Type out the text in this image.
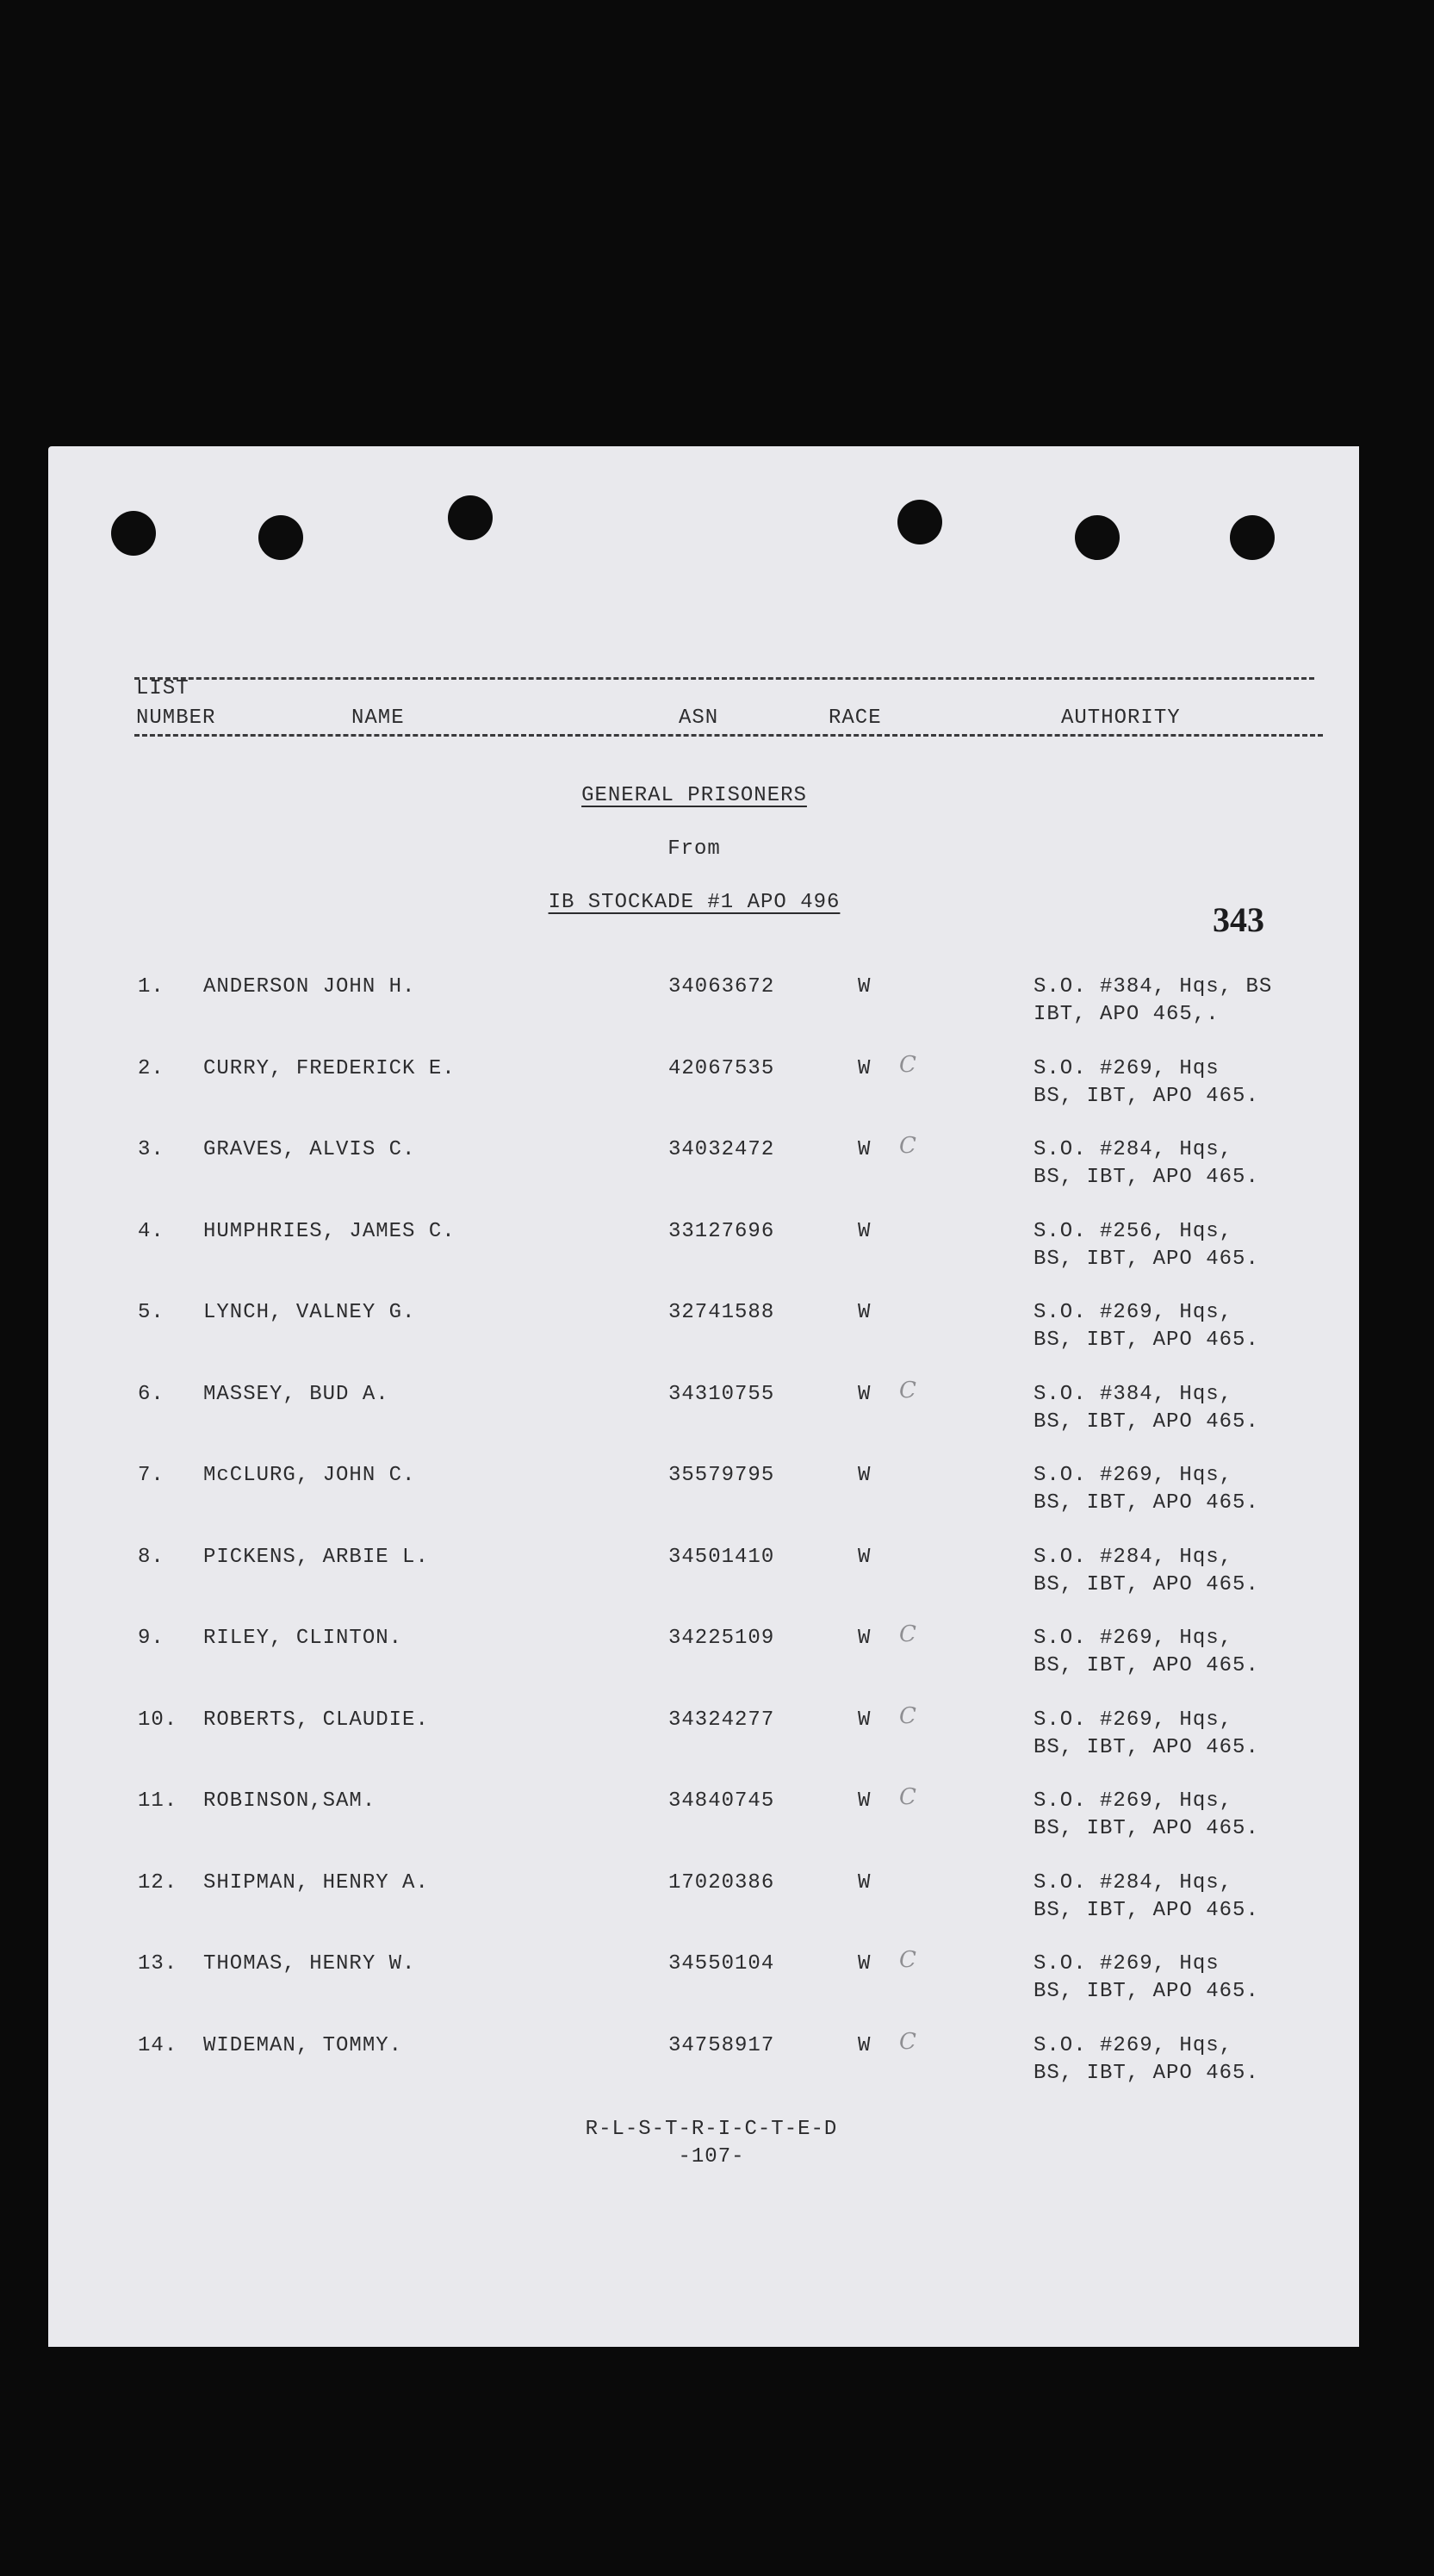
LIST
NUMBER	NAME	ASN	RACE	AUTHORITY
GENERAL PRISONERS
From
IB STOCKADE #1 APO 496	343
1. ANDERSON JOHN H.	34063672	W	S.O. #384, Hqs, BS
IBT, APO 465,.
2. CURRY, FREDERICK E.	42067535	W C	S.O. #269, Hqs
BS, IBT, APO 465.
3. GRAVES, ALVIS C.	34032472	W C	S.O. #284, Hqs,
BS, IBT, APO 465.
4. HUMPHRIES, JAMES C.	33127696	W	S.O. #256, Hqs,
BS, IBT, APO 465.
5. LYNCH, VALNEY G.	32741588	W	S.O. #269, Hqs,
BS, IBT, APO 465.
6. MASSEY, BUD A.	34310755	W C	S.O. #384, Hqs,
BS, IBT, APO 465.
7. McCLURG, JOHN C.	35579795	W	S.O. #269, Hqs,
BS, IBT, APO 465.
8. PICKENS, ARBIE L.	34501410	W	S.O. #284, Hqs,
BS, IBT, APO 465.
9. RILEY, CLINTON.	34225109	W C	S.O. #269, Hqs,
BS, IBT, APO 465.
10. ROBERTS, CLAUDIE.	34324277	W C	S.O. #269, Hqs,
BS, IBT, APO 465.
11. ROBINSON,SAM.	34840745	W C	S.O. #269, Hqs,
BS, IBT, APO 465.
12. SHIPMAN, HENRY A.	17020386	W	S.O. #284, Hqs,
BS, IBT, APO 465.
13. THOMAS, HENRY W.	34550104	W C	S.O. #269, Hqs
BS, IBT, APO 465.
14. WIDEMAN, TOMMY.	34758917	W C	S.O. #269, Hqs,
BS, IBT, APO 465.
R-L-S-T-R-I-C-T-E-D
-107-
